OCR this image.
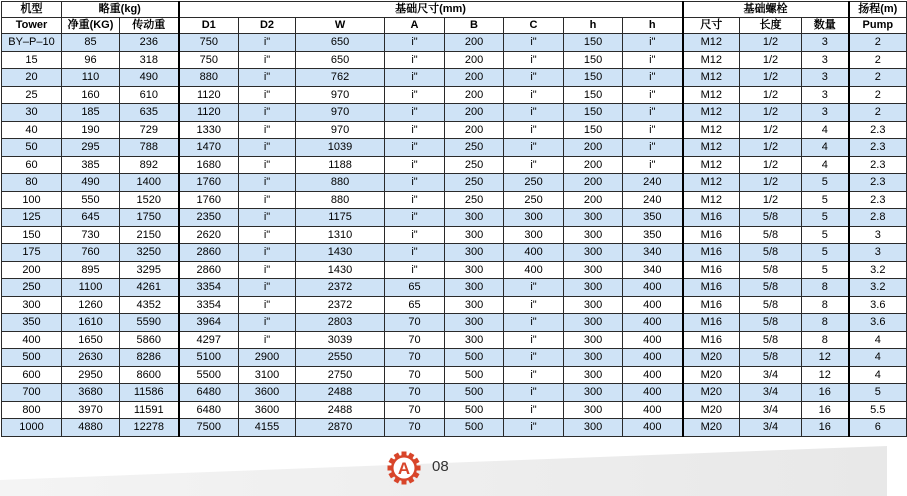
机型	略重(kg)		基础尺寸(mm)								基础螺栓			扬程(m)
Tower	净重(KG)	传动重	D1	D2	W	A	B	C	h	h	尺寸	长度	数量	Pump
BY–P–10	85	236	750	i"	650	i"	200	i"	150	i"	M12	1/2	3	2
15	96	318	750	i"	650	i"	200	i"	150	i"	M12	1/2	3	2
20	110	490	880	i"	762	i"	200	i"	150	i"	M12	1/2	3	2
25	160	610	1120	i"	970	i"	200	i"	150	i"	M12	1/2	3	2
30	185	635	1120	i"	970	i"	200	i"	150	i"	M12	1/2	3	2
40	190	729	1330	i"	970	i"	200	i"	150	i"	M12	1/2	4	2.3
50	295	788	1470	i"	1039	i"	250	i"	200	i"	M12	1/2	4	2.3
60	385	892	1680	i"	1188	i"	250	i"	200	i"	M12	1/2	4	2.3
80	490	1400	1760	i"	880	i"	250	250	200	240	M12	1/2	5	2.3
100	550	1520	1760	i"	880	i"	250	250	200	240	M12	1/2	5	2.3
125	645	1750	2350	i"	1175	i"	300	300	300	350	M16	5/8	5	2.8
150	730	2150	2620	i"	1310	i"	300	300	300	350	M16	5/8	5	3
175	760	3250	2860	i"	1430	i"	300	400	300	340	M16	5/8	5	3
200	895	3295	2860	i"	1430	i"	300	400	300	340	M16	5/8	5	3.2
250	1100	4261	3354	i"	2372	65	300	i"	300	400	M16	5/8	8	3.2
300	1260	4352	3354	i"	2372	65	300	i"	300	400	M16	5/8	8	3.6
350	1610	5590	3964	i"	2803	70	300	i"	300	400	M16	5/8	8	3.6
400	1650	5860	4297	i"	3039	70	300	i"	300	400	M16	5/8	8	4
500	2630	8286	5100	2900	2550	70	500	i"	300	400	M20	5/8	12	4
600	2950	8600	5500	3100	2750	70	500	i"	300	400	M20	3/4	12	4
700	3680	11586	6480	3600	2488	70	500	i"	300	400	M20	3/4	16	5
800	3970	11591	6480	3600	2488	70	500	i"	300	400	M20	3/4	16	5.5
1000	4880	12278	7500	4155	2870	70	500	i"	300	400	M20	3/4	16	6
A 08
